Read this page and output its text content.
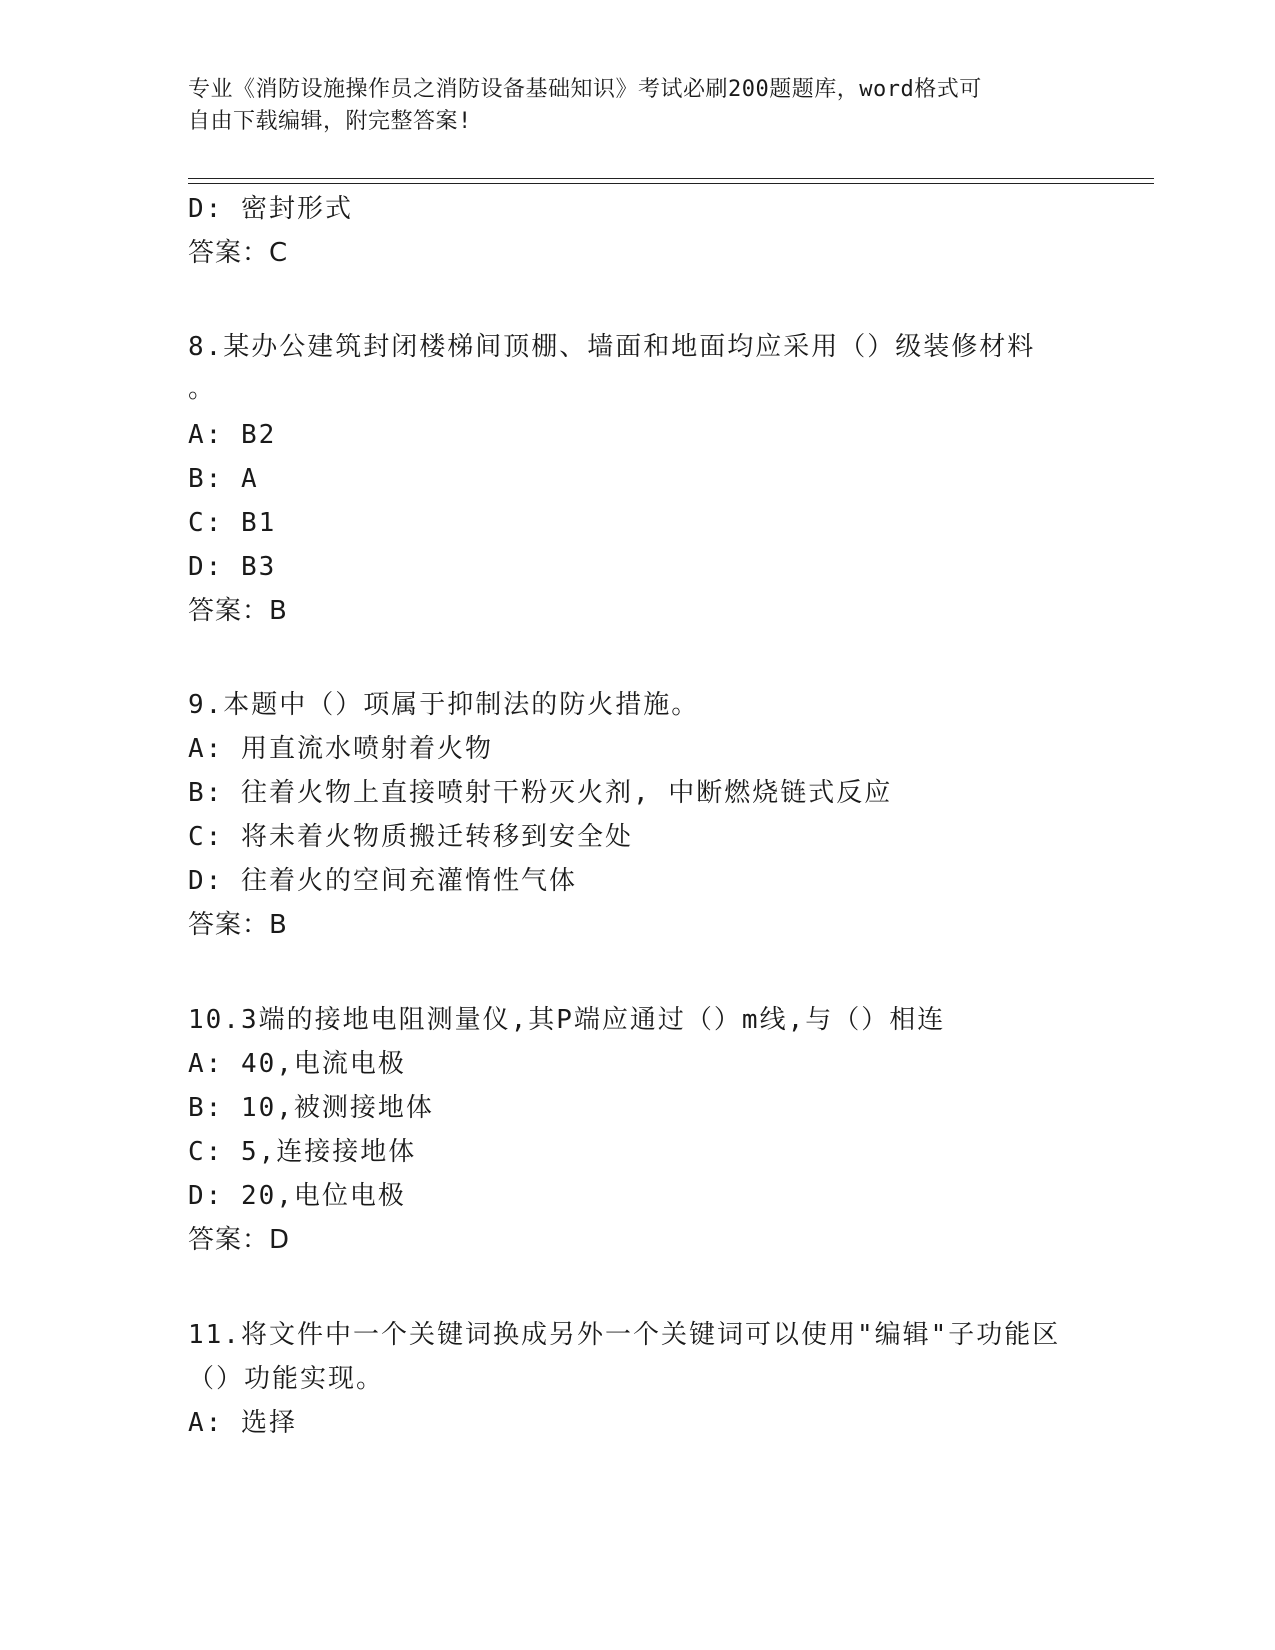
专业《消防设施操作员之消防设备基础知识》考试必刷200题题库，word格式可
自由下载编辑，附完整答案!
D: 密封形式
答案：C
8.某办公建筑封闭楼梯间顶棚、墙面和地面均应采用（）级装修材料
。
A: B2
B: A
C: B1
D: B3
答案：B
9.本题中（）项属于抑制法的防火措施。
A: 用直流水喷射着火物
B: 往着火物上直接喷射干粉灭火剂, 中断燃烧链式反应
C: 将未着火物质搬迁转移到安全处
D: 往着火的空间充灌惰性气体
答案：B
10.3端的接地电阻测量仪,其P端应通过（）m线,与（）相连
A: 40,电流电极
B: 10,被测接地体
C: 5,连接接地体
D: 20,电位电极
答案：D
11.将文件中一个关键词换成另外一个关键词可以使用"编辑"子功能区
（）功能实现。
A: 选择
